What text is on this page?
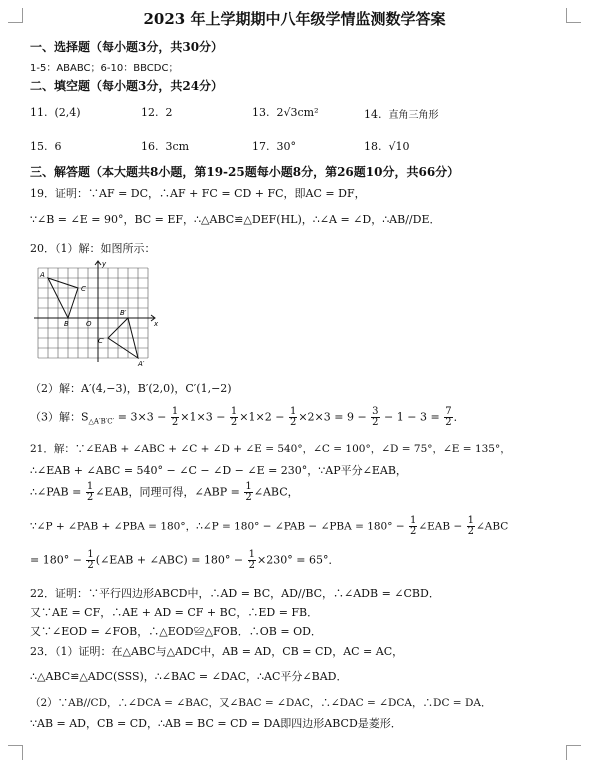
2023 年上学期期中八年级学情监测数学答案
一、选择题（每小题3分，共30分）
1-5：ABABC；6-10：BBCDC；
二、填空题（每小题3分，共24分）
11. (2,4)	12. 2	13. 2√3cm²	14. 直角三角形
15. 6	16. 3cm	17. 30°	18. √10
三、解答题（本大题共8小题，第19-25题每小题8分，第26题10分，共66分）
19．证明：∵AF = DC，∴AF + FC = CD + FC，即AC = DF，
∵∠B = ∠E = 90°，BC = EF，∴△ABC≌△DEF(HL)，∴∠A = ∠D，∴AB//DE．
20．（1）解：如图所示：
A
B
C
O
A′
B′
C′
x
y
（2）解：A′(4,−3)，B′(2,0)，C′(1,−2)
（3）解：$S_{\triangle A'B'C'} = 3\times 3 - \frac{1}{2} \times 1\times 3 - \frac{1}{2} \times 1\times 2 - \frac{1}{2} \times 2\times 3 = 9 - \frac{3}{2} - 1 - 3 = \frac{7}{2}$ ．
21．解：∵∠EAB + ∠ABC + ∠C + ∠D + ∠E = 540°，∠C = 100°，∠D = 75°，∠E = 135°，
∴∠EAB + ∠ABC = 540° − ∠C − ∠D − ∠E = 230°，∵AP平分∠EAB，
∴∠PAB = $\frac{1}{2}$ ∠EAB，同理可得，∠ABP = $\frac{1}{2}$ ∠ABC，
∵∠P + ∠PAB + ∠PBA = 180°，∴∠P = 180° − ∠PAB − ∠PBA = $180^\circ - \frac{1}{2}$ ∠EAB − $\frac{1}{2}$ ∠ABC
= $180^\circ - \frac{1}{2}$ (∠EAB + ∠ABC) = $180^\circ - \frac{1}{2} \times 230^\circ = 65^\circ$．
22．证明：∵平行四边形ABCD中，∴AD = BC，AD//BC，∴∠ADB = ∠CBD．
又∵AE = CF，∴AE + AD = CF + BC，∴ED = FB．
又∵∠EOD = ∠FOB，∴△EOD≌△FOB．∴OB = OD．
23．（1）证明：在△ABC与△ADC中，AB = AD，CB = CD，AC = AC，
∴△ABC≌△ADC(SSS)，∴∠BAC = ∠DAC，∴AC平分∠BAD．
（2）∵AB//CD，∴∠DCA = ∠BAC，又∠BAC = ∠DAC，∴∠DAC = ∠DCA，∴DC = DA．
∵AB = AD，CB = CD，∴AB = BC = CD = DA即四边形ABCD是菱形．
